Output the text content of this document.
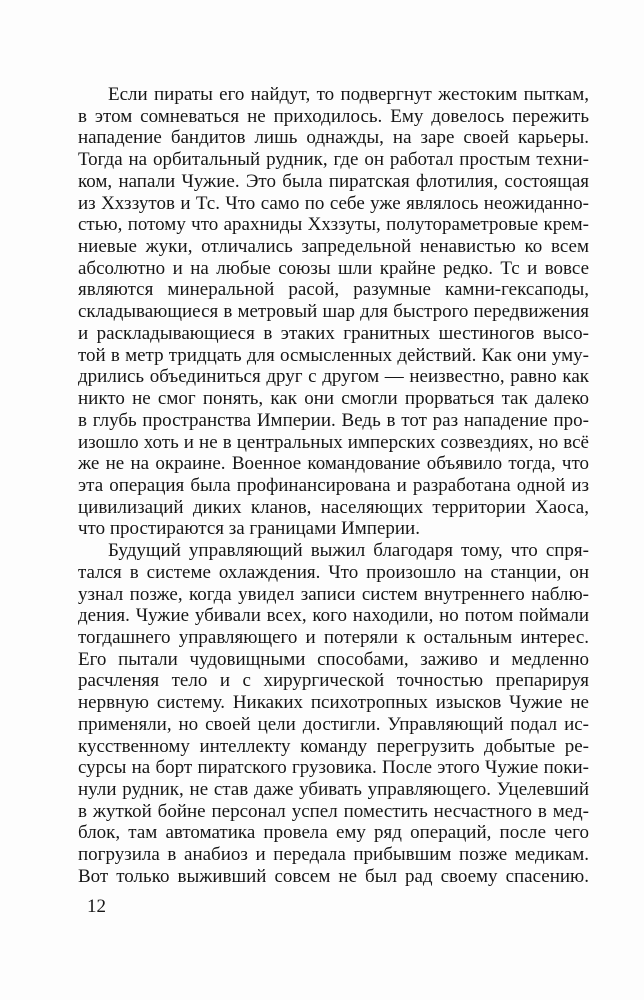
Если пираты его найдут, то подвергнут жестоким пыткам,
в этом сомневаться не приходилось. Ему довелось пережить
нападение бандитов лишь однажды, на заре своей карьеры.
Тогда на орбитальный рудник, где он работал простым техни-
ком, напали Чужие. Это была пиратская флотилия, состоящая
из Ххззутов и Тс. Что само по себе уже являлось неожиданно-
стью, потому что арахниды Ххззуты, полутораметровые крем-
ниевые жуки, отличались запредельной ненавистью ко всем
абсолютно и на любые союзы шли крайне редко. Тс и вовсе
являются минеральной расой, разумные камни-гексаподы,
складывающиеся в метровый шар для быстрого передвижения
и раскладывающиеся в этаких гранитных шестиногов высо-
той в метр тридцать для осмысленных действий. Как они уму-
дрились объединиться друг с другом — неизвестно, равно как
никто не смог понять, как они смогли прорваться так далеко
в глубь пространства Империи. Ведь в тот раз нападение про-
изошло хоть и не в центральных имперских созвездиях, но всё
же не на окраине. Военное командование объявило тогда, что
эта операция была профинансирована и разработана одной из
цивилизаций диких кланов, населяющих территории Хаоса,
что простираются за границами Империи.
Будущий управляющий выжил благодаря тому, что спря-
тался в системе охлаждения. Что произошло на станции, он
узнал позже, когда увидел записи систем внутреннего наблю-
дения. Чужие убивали всех, кого находили, но потом поймали
тогдашнего управляющего и потеряли к остальным интерес.
Его пытали чудовищными способами, заживо и медленно
расчленяя тело и с хирургической точностью препарируя
нервную систему. Никаких психотропных изысков Чужие не
применяли, но своей цели достигли. Управляющий подал ис-
кусственному интеллекту команду перегрузить добытые ре-
сурсы на борт пиратского грузовика. После этого Чужие поки-
нули рудник, не став даже убивать управляющего. Уцелевший
в жуткой бойне персонал успел поместить несчастного в мед-
блок, там автоматика провела ему ряд операций, после чего
погрузила в анабиоз и передала прибывшим позже медикам.
Вот только выживший совсем не был рад своему спасению.
12
